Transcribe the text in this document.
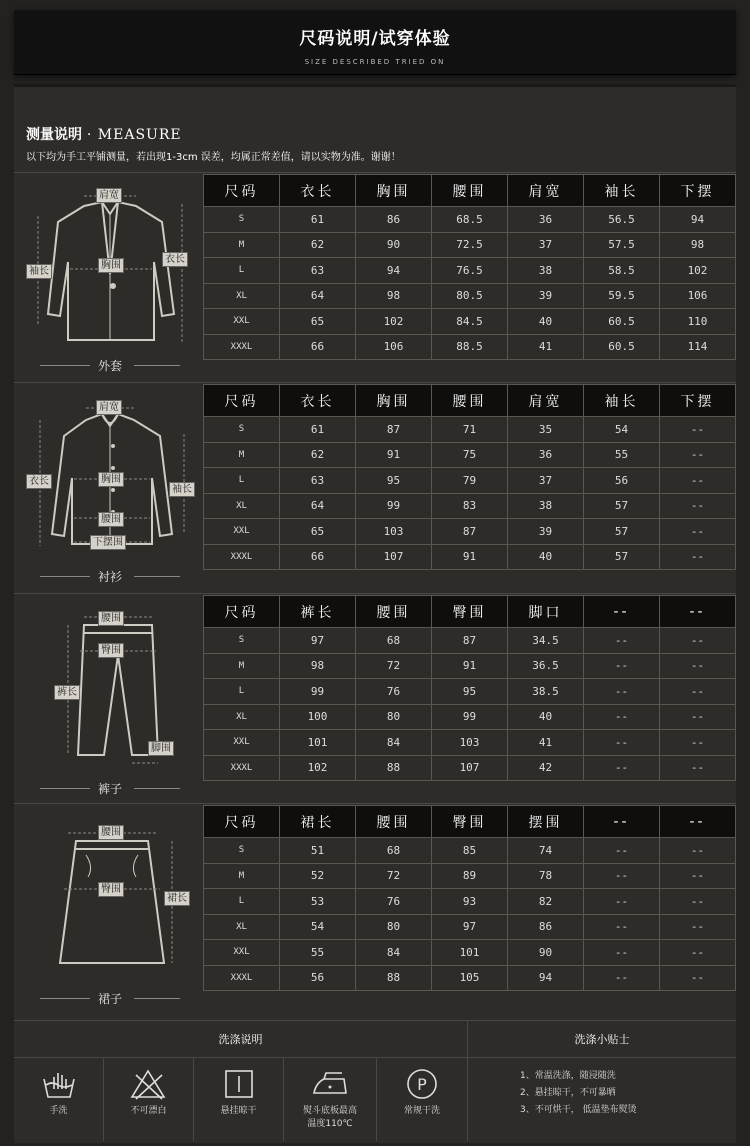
尺码说明/试穿体验
SIZE DESCRIBED TRIED ON
测量说明 · MEASURE
以下均为手工平铺测量，若出现1-3cm 误差，均属正常差值，请以实物为准。谢谢！
肩宽
袖长
胸围
衣长
外套
尺码	衣长	胸围	腰围	肩宽	袖长	下摆
S	61	86	68.5	36	56.5	94
M	62	90	72.5	37	57.5	98
L	63	94	76.5	38	58.5	102
XL	64	98	80.5	39	59.5	106
XXL	65	102	84.5	40	60.5	110
XXXL	66	106	88.5	41	60.5	114
肩宽
衣长	胸围
袖长
腰围
下摆围
衬衫
尺码	衣长	胸围	腰围	肩宽	袖长	下摆
S	61	87	71	35	54	--
M	62	91	75	36	55	--
L	63	95	79	37	56	--
XL	64	99	83	38	57	--
XXL	65	103	87	39	57	--
XXXL	66	107	91	40	57	--
腰围
臀围
裤长
脚围
裤子
尺码	裤长	腰围	臀围	脚口	--	--
S	97	68	87	34.5	--	--
M	98	72	91	36.5	--	--
L	99	76	95	38.5	--	--
XL	100	80	99	40	--	--
XXL	101	84	103	41	--	--
XXXL	102	88	107	42	--	--
腰围
臀围
裙长
裙子
尺码	裙长	腰围	臀围	摆围	--	--
S	51	68	85	74	--	--
M	52	72	89	78	--	--
L	53	76	93	82	--	--
XL	54	80	97	86	--	--
XXL	55	84	101	90	--	--
XXXL	56	88	105	94	--	--
洗涤说明	洗涤小贴士
手洗	不可漂白	悬挂晾干	熨斗底板最高
温度110℃
P
常规干洗
1、常温洗涤，随浸随洗
2、悬挂晾干，不可暴晒
3、不可烘干， 低温垫布熨烫
